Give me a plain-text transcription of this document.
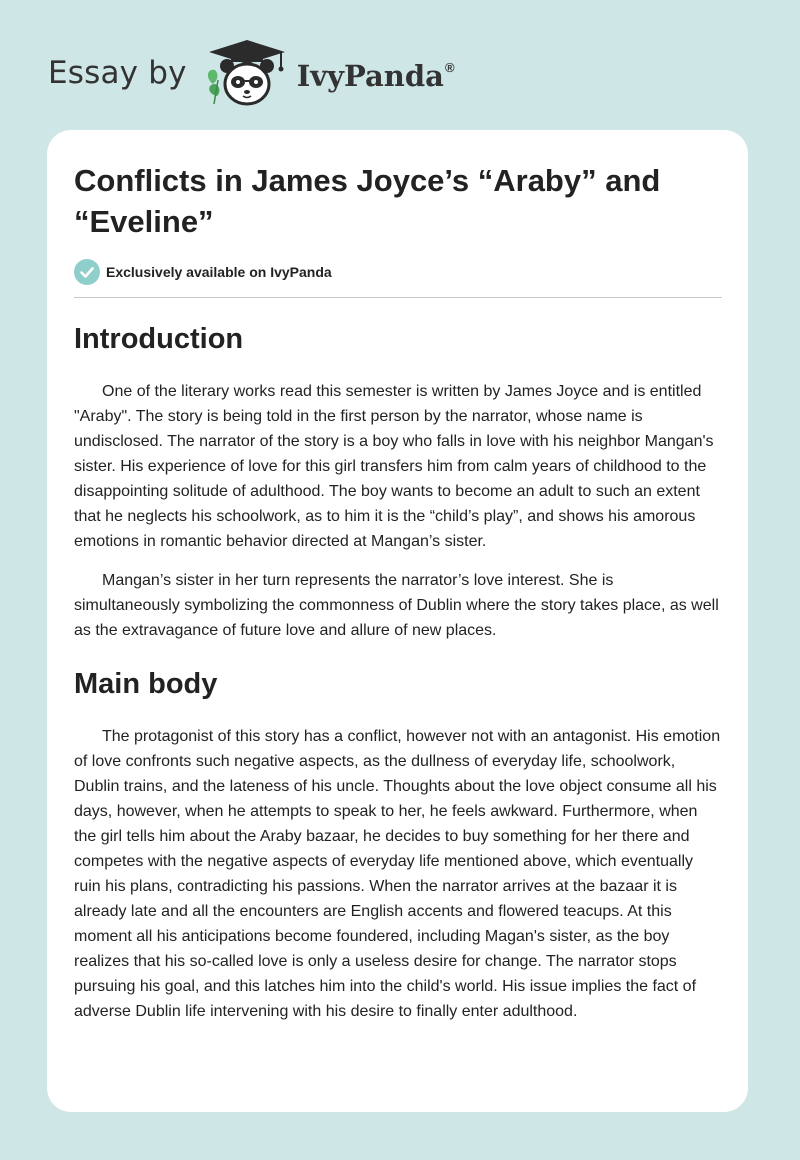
Essay by	IvyPanda®
Conflicts in James Joyce’s “Araby” and “Eveline”
Exclusively available on IvyPanda
Introduction

One of the literary works read this semester is written by James Joyce and is entitled "Araby". The story is being told in the first person by the narrator, whose name is undisclosed. The narrator of the story is a boy who falls in love with his neighbor Mangan's sister. His experience of love for this girl transfers him from calm years of childhood to the disappointing solitude of adulthood. The boy wants to become an adult to such an extent that he neglects his schoolwork, as to him it is the “child’s play”, and shows his amorous emotions in romantic behavior directed at Mangan’s sister.

Mangan’s sister in her turn represents the narrator’s love interest. She is simultaneously symbolizing the commonness of Dublin where the story takes place, as well as the extravagance of future love and allure of new places.

Main body

The protagonist of this story has a conflict, however not with an antagonist. His emotion of love confronts such negative aspects, as the dullness of everyday life, schoolwork, Dublin trains, and the lateness of his uncle. Thoughts about the love object consume all his days, however, when he attempts to speak to her, he feels awkward. Furthermore, when the girl tells him about the Araby bazaar, he decides to buy something for her there and competes with the negative aspects of everyday life mentioned above, which eventually ruin his plans, contradicting his passions. When the narrator arrives at the bazaar it is already late and all the encounters are English accents and flowered teacups. At this moment all his anticipations become foundered, including Magan's sister, as the boy realizes that his so-called love is only a useless desire for change. The narrator stops pursuing his goal, and this latches him into the child's world. His issue implies the fact of adverse Dublin life intervening with his desire to finally enter adulthood.
